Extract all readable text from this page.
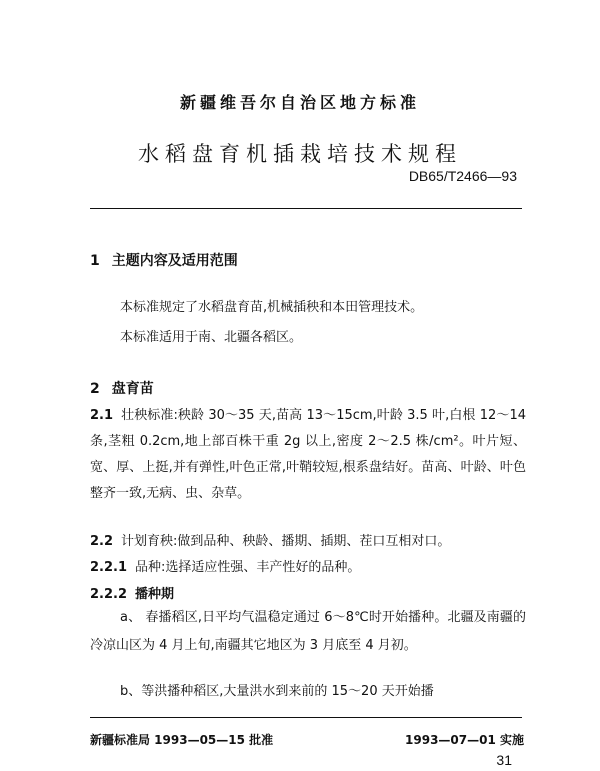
新疆维吾尔自治区地方标准
水稻盘育机插栽培技术规程
DB65/T2466—93
1 主题内容及适用范围
本标准规定了水稻盘育苗,机械插秧和本田管理技术。
本标准适用于南、北疆各稻区。
2 盘育苗
2.1 壮秧标准:秧龄 30～35 天,苗高 13～15cm,叶龄 3.5 叶,白根 12～14 条,茎粗 0.2cm,地上部百株干重 2g 以上,密度 2～2.5 株/cm²。叶片短、宽、厚、上挺,并有弹性,叶色正常,叶鞘较短,根系盘结好。苗高、叶龄、叶色整齐一致,无病、虫、杂草。
2.2 计划育秧:做到品种、秧龄、播期、插期、茬口互相对口。
2.2.1 品种:选择适应性强、丰产性好的品种。
2.2.2 播种期
a、 春播稻区,日平均气温稳定通过 6～8℃时开始播种。北疆及南疆的冷凉山区为 4 月上旬,南疆其它地区为 3 月底至 4 月初。
b、等洪播种稻区,大量洪水到来前的 15～20 天开始播
新疆标准局 1993—05—15 批准	1993—07—01 实施
31
